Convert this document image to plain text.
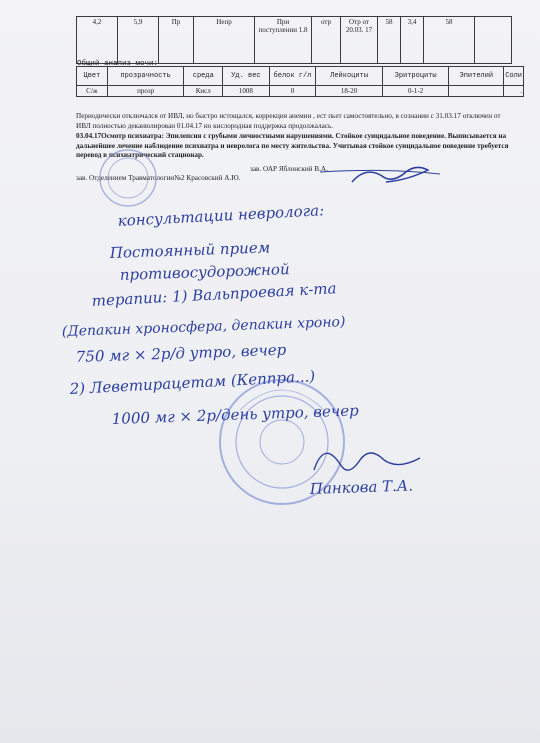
4,2	5,9	Пр	Непр	При поступлении 1.8	отр	Отр от 20.03. 17	58	3,4	58	
Общий анализ мочи:
Цвет	прозрачность	среда	Уд. вес	белок г/л	Лейкоциты	Эритроциты	Эпителий	Соли
С/ж	прозр	Кисл	1008	0	18-20	0-1-2		.
Периодически отключался от ИВЛ, но быстро истощался, коррекция анемии , ест пьет самостоятельно, в сознании с 31.03.17 отключен от ИВЛ полностью деканюлирован 01.04.17 но кислородная поддержка продолжалась.
03.04.17Осмотр психиатра: Эпилепсия с грубыми личностными нарушениями. Стойкое суицидальное поведение. Выписывается на дальнейшее лечение наблюдение психиатра и невролога по месту жительства. Учитывая стойкое суицидальное поведение требуется перевод в психиатрический стационар.
зав. ОАР Яблонский В.А.
зав. Отделением Травматологии№2 Красовский А.Ю.
консультации невролога:
Постоянный прием
противосудорожной
терапии: 1) Вальпроевая к-та
(Депакин хроносфера, депакин хроно)
750 мг × 2р/д утро, вечер
2) Леветирацетам (Кеппра...)
1000 мг × 2р/день утро, вечер
Панкова Т.А.
